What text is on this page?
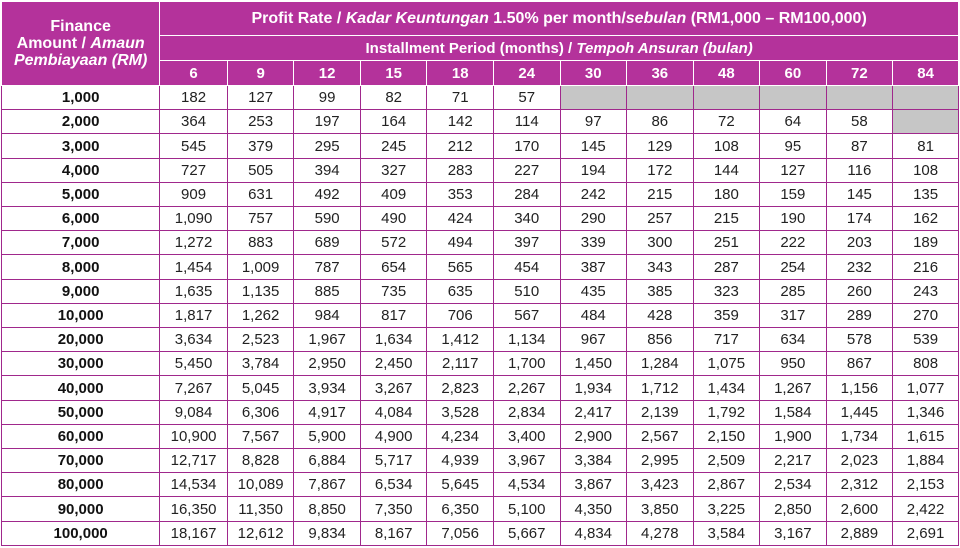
Finance
Amount / Amaun
Pembiayaan (RM)	Profit Rate / Kadar Keuntungan 1.50% per month/sebulan (RM1,000 – RM100,000)											
	Installment Period (months) / Tempoh Ansuran (bulan)											
	6	9	12	15	18	24	30	36	48	60	72	84
1,000	182	127	99	82	71	57						
2,000	364	253	197	164	142	114	97	86	72	64	58	
3,000	545	379	295	245	212	170	145	129	108	95	87	81
4,000	727	505	394	327	283	227	194	172	144	127	116	108
5,000	909	631	492	409	353	284	242	215	180	159	145	135
6,000	1,090	757	590	490	424	340	290	257	215	190	174	162
7,000	1,272	883	689	572	494	397	339	300	251	222	203	189
8,000	1,454	1,009	787	654	565	454	387	343	287	254	232	216
9,000	1,635	1,135	885	735	635	510	435	385	323	285	260	243
10,000	1,817	1,262	984	817	706	567	484	428	359	317	289	270
20,000	3,634	2,523	1,967	1,634	1,412	1,134	967	856	717	634	578	539
30,000	5,450	3,784	2,950	2,450	2,117	1,700	1,450	1,284	1,075	950	867	808
40,000	7,267	5,045	3,934	3,267	2,823	2,267	1,934	1,712	1,434	1,267	1,156	1,077
50,000	9,084	6,306	4,917	4,084	3,528	2,834	2,417	2,139	1,792	1,584	1,445	1,346
60,000	10,900	7,567	5,900	4,900	4,234	3,400	2,900	2,567	2,150	1,900	1,734	1,615
70,000	12,717	8,828	6,884	5,717	4,939	3,967	3,384	2,995	2,509	2,217	2,023	1,884
80,000	14,534	10,089	7,867	6,534	5,645	4,534	3,867	3,423	2,867	2,534	2,312	2,153
90,000	16,350	11,350	8,850	7,350	6,350	5,100	4,350	3,850	3,225	2,850	2,600	2,422
100,000	18,167	12,612	9,834	8,167	7,056	5,667	4,834	4,278	3,584	3,167	2,889	2,691
